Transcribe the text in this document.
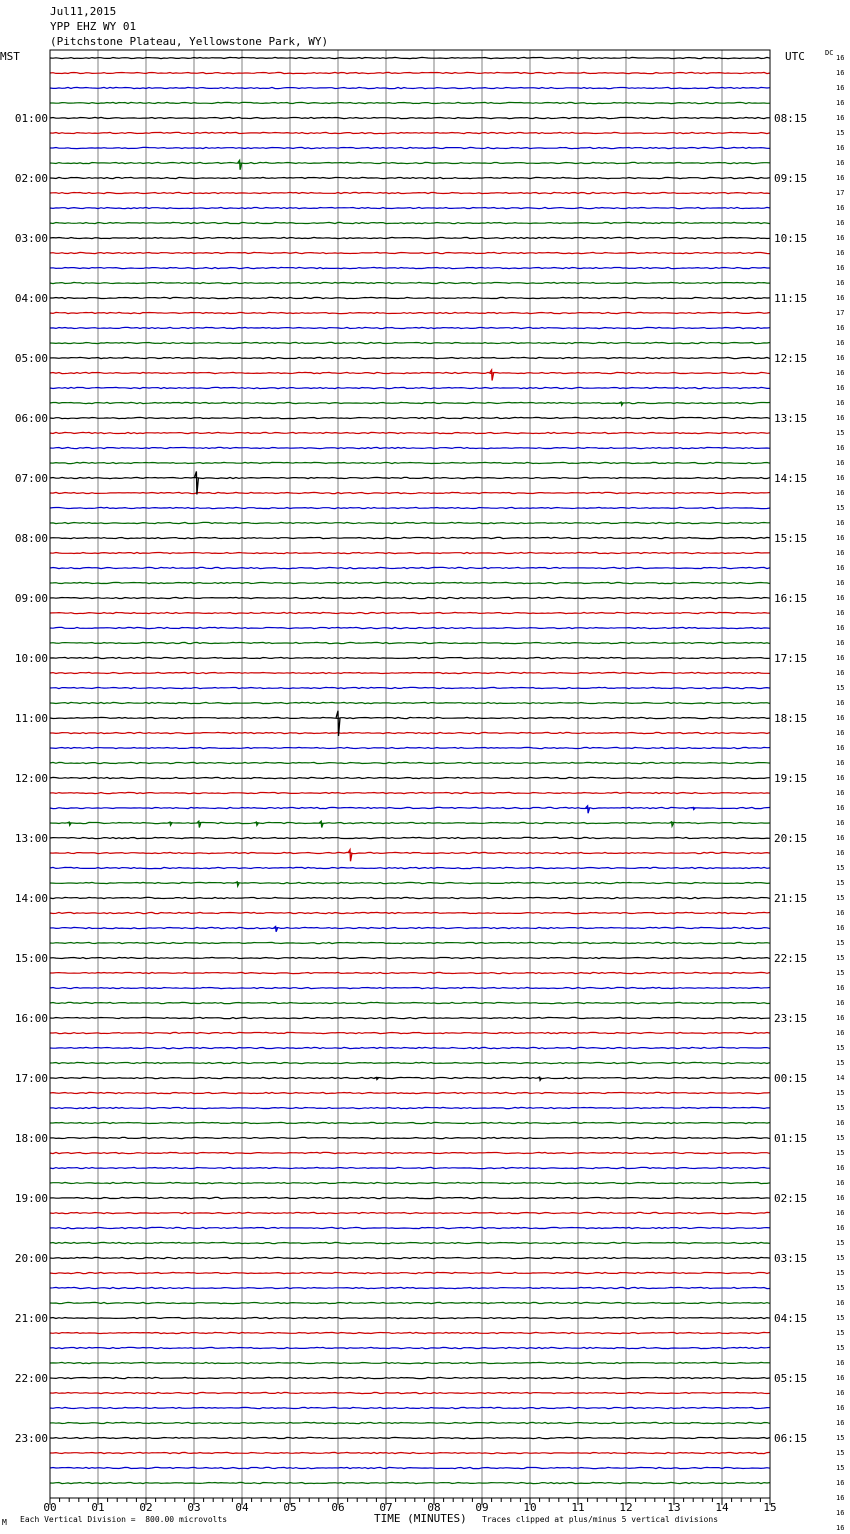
00	01	02	03	04	05	06	07	08	09	10	11	12	13	14	15
01:00
02:00
03:00
04:00
05:00
06:00
07:00
08:00
09:00
10:00
11:00
12:00
13:00
14:00
15:00
16:00
17:00
18:00
19:00
20:00
21:00
22:00
23:00
08:15
09:15
10:15
11:15
12:15
13:15
14:15
15:15
16:15
17:15
18:15
19:15
20:15
21:15
22:15
23:15
00:15
01:15
02:15
03:15
04:15
05:15
06:15
16
16
16
16
16
15
16
16
16
17
16
16
16
16
16
16
16
17
16
16
16
16
16
16
16
15
16
16
16
16
15
16
16
16
16
16
16
16
16
16
16
16
15
16
16
16
16
16
16
16
16
16
16
16
15
15
15
16
16
15
15
15
16
16
16
16
15
15
14
15
15
16
15
15
16
16
16
16
16
15
15
15
15
16
15
15
15
16
16
16
16
16
15
15
15
16
16
16
16
Jul11,2015
YPP EHZ WY 01
(Pitchstone Plateau, Yellowstone Park, WY)
MST	UTC	DC
M Each Vertical Division =  800.00 microvolts	TIME (MINUTES) Traces clipped at plus/minus 5 vertical divisions
